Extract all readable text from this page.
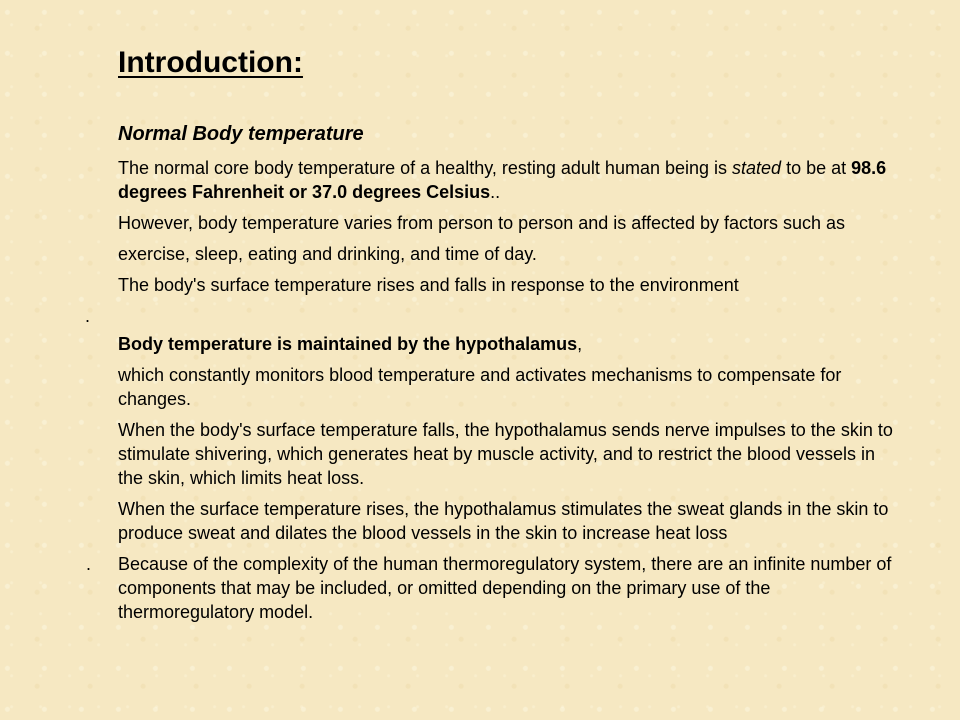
Introduction:

Normal Body temperature

The normal core body temperature of a healthy, resting adult human being is stated to be at 98.6 degrees Fahrenheit or 37.0 degrees Celsius..

However, body temperature varies from person to person and is affected by factors such as

exercise, sleep, eating and drinking, and time of day.

The body's surface temperature rises and falls in response to the environment

.

Body temperature is maintained by the hypothalamus,

which constantly monitors blood temperature and activates mechanisms to compensate for changes.

When the body's surface temperature falls, the hypothalamus sends nerve impulses to the skin to stimulate shivering, which generates heat by muscle activity, and to restrict the blood vessels in the skin, which limits heat loss.

When the surface temperature rises, the hypothalamus stimulates the sweat glands in the skin to produce sweat and dilates the blood vessels in the skin to increase heat loss

. Because of the complexity of the human thermoregulatory system, there are an infinite number of components that may be included, or omitted depending on the primary use of the thermoregulatory model.
